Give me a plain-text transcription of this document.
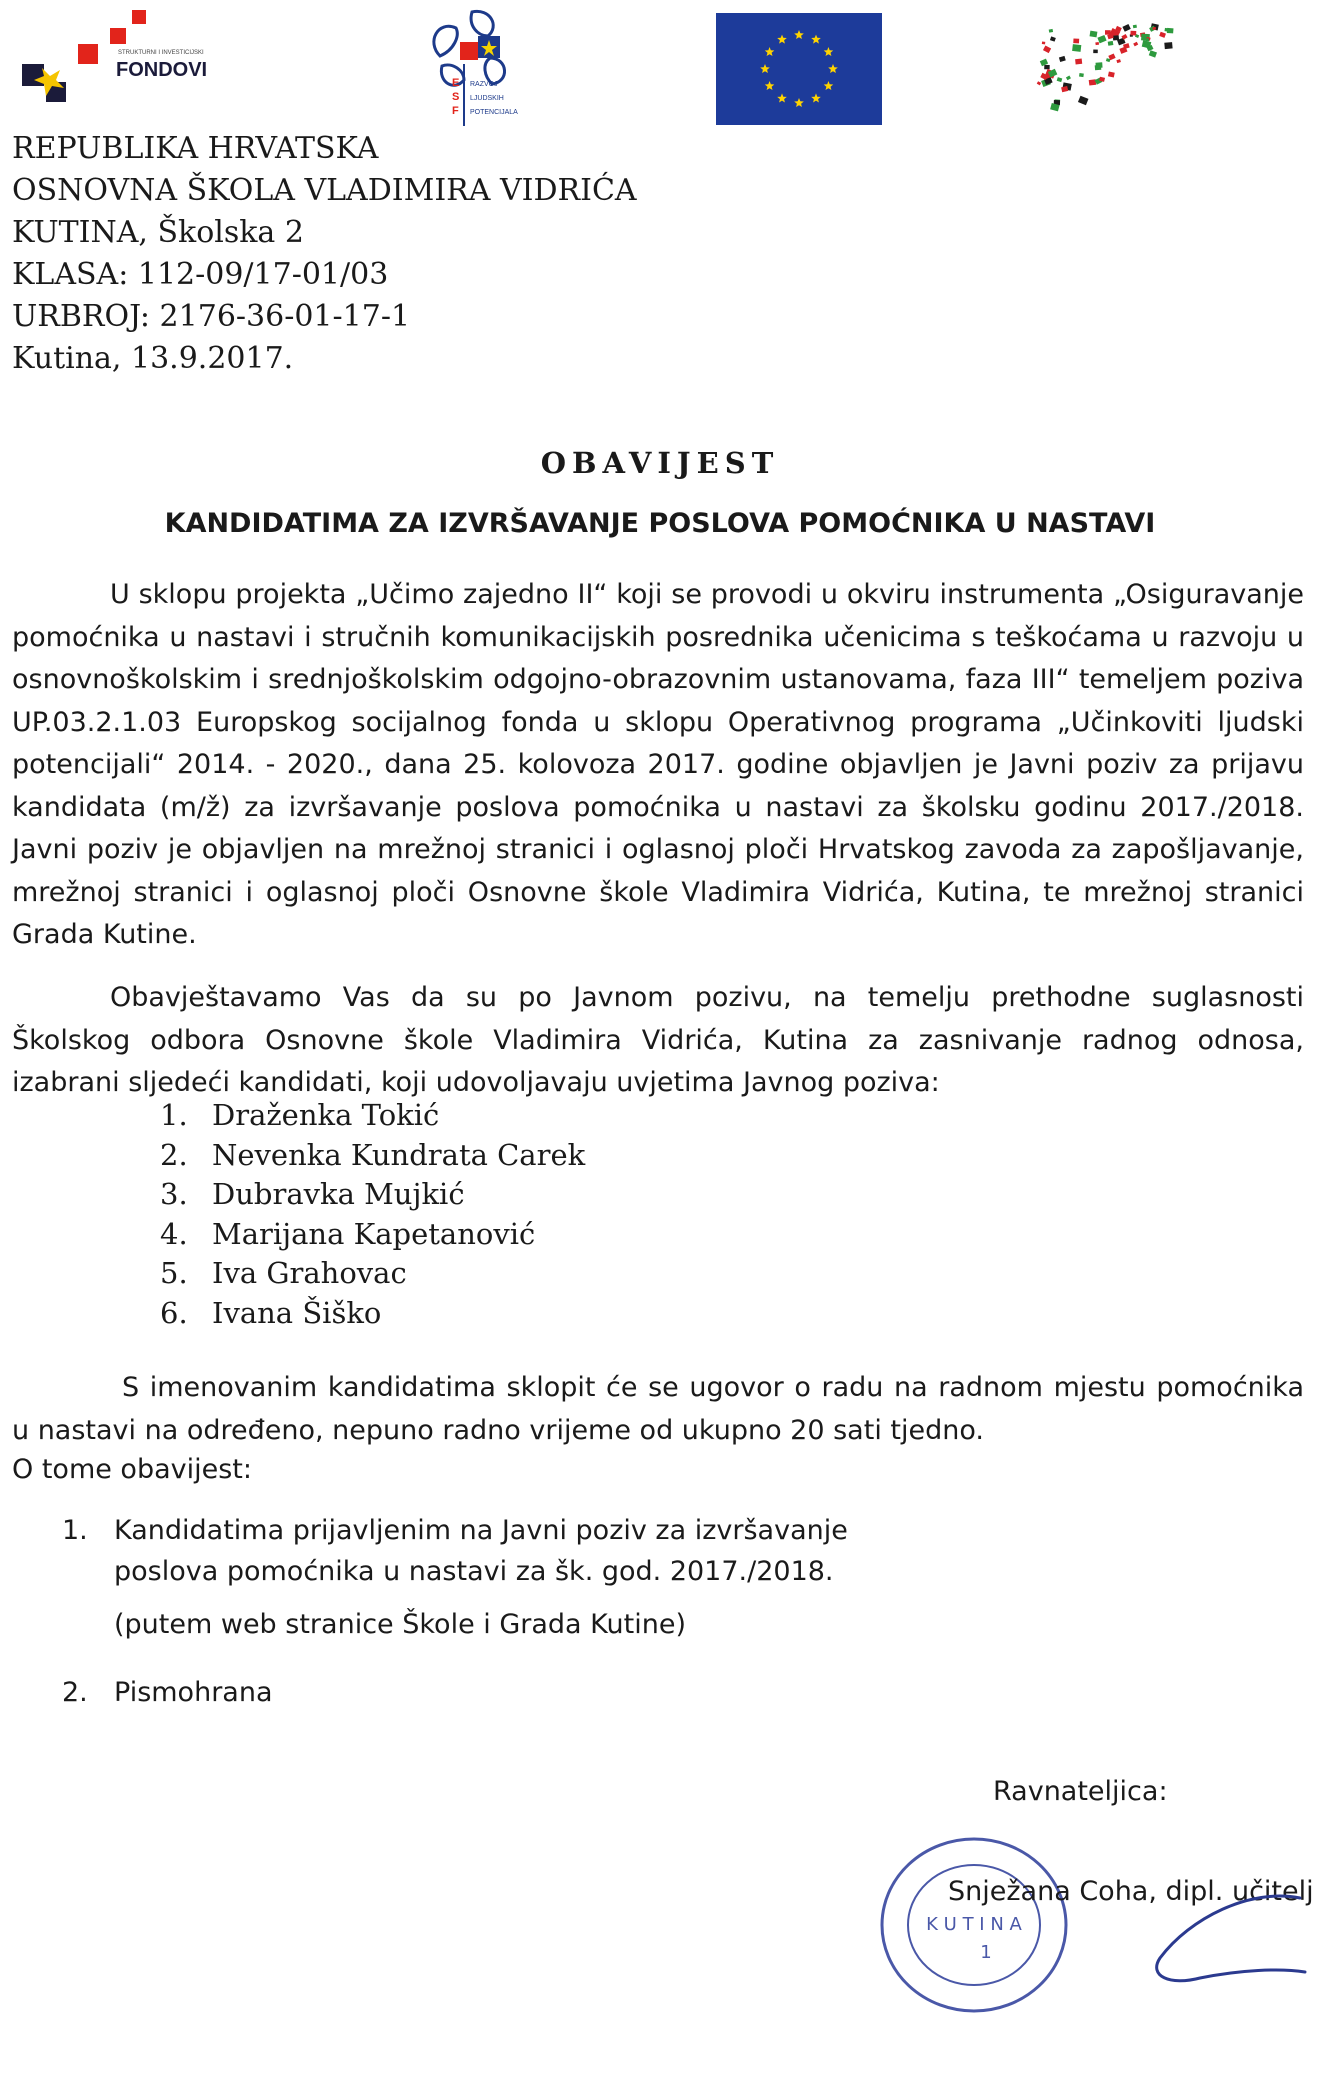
STRUKTURNI I INVESTICIJSKI
FONDOVI
E
S
F
RAZVOJ
LJUDSKIH
POTENCIJALA
REPUBLIKA HRVATSKA
OSNOVNA ŠKOLA VLADIMIRA VIDRIĆA
KUTINA, Školska 2
KLASA: 112-09/17-01/03
URBROJ: 2176-36-01-17-1
Kutina, 13.9.2017.
OBAVIJEST
KANDIDATIMA ZA IZVRŠAVANJE POSLOVA POMOĆNIKA U NASTAVI
U sklopu projekta „Učimo zajedno II“ koji se provodi u okviru instrumenta „Osiguravanje pomoćnika u nastavi i stručnih komunikacijskih posrednika učenicima s teškoćama u razvoju u osnovnoškolskim i srednjoškolskim odgojno-obrazovnim ustanovama, faza III“ temeljem poziva UP.03.2.1.03 Europskog socijalnog fonda u sklopu Operativnog programa „Učinkoviti ljudski potencijali“ 2014. - 2020., dana 25. kolovoza 2017. godine objavljen je Javni poziv za prijavu kandidata (m/ž) za izvršavanje poslova pomoćnika u nastavi za školsku godinu 2017./2018. Javni poziv je objavljen na mrežnoj stranici i oglasnoj ploči Hrvatskog zavoda za zapošljavanje, mrežnoj stranici i oglasnoj ploči Osnovne škole Vladimira Vidrića, Kutina, te mrežnoj stranici Grada Kutine.
Obavještavamo Vas da su po Javnom pozivu, na temelju prethodne suglasnosti Školskog odbora Osnovne škole Vladimira Vidrića, Kutina za zasnivanje radnog odnosa, izabrani sljedeći kandidati, koji udovoljavaju uvjetima Javnog poziva:
1. Draženka Tokić
2. Nevenka Kundrata Carek
3. Dubravka Mujkić
4. Marijana Kapetanović
5. Iva Grahovac
6. Ivana Šiško
S imenovanim kandidatima sklopit će se ugovor o radu na radnom mjestu pomoćnika u nastavi na određeno, nepuno radno vrijeme od ukupno 20 sati tjedno.
O tome obavijest:
1. Kandidatima prijavljenim na Javni poziv za izvršavanje
poslova pomoćnika u nastavi za šk. god. 2017./2018.
(putem web stranice Škole i Grada Kutine)
2. Pismohrana
Ravnateljica:
K U T I N A
1
Snježana Coha, dipl. učitelj
